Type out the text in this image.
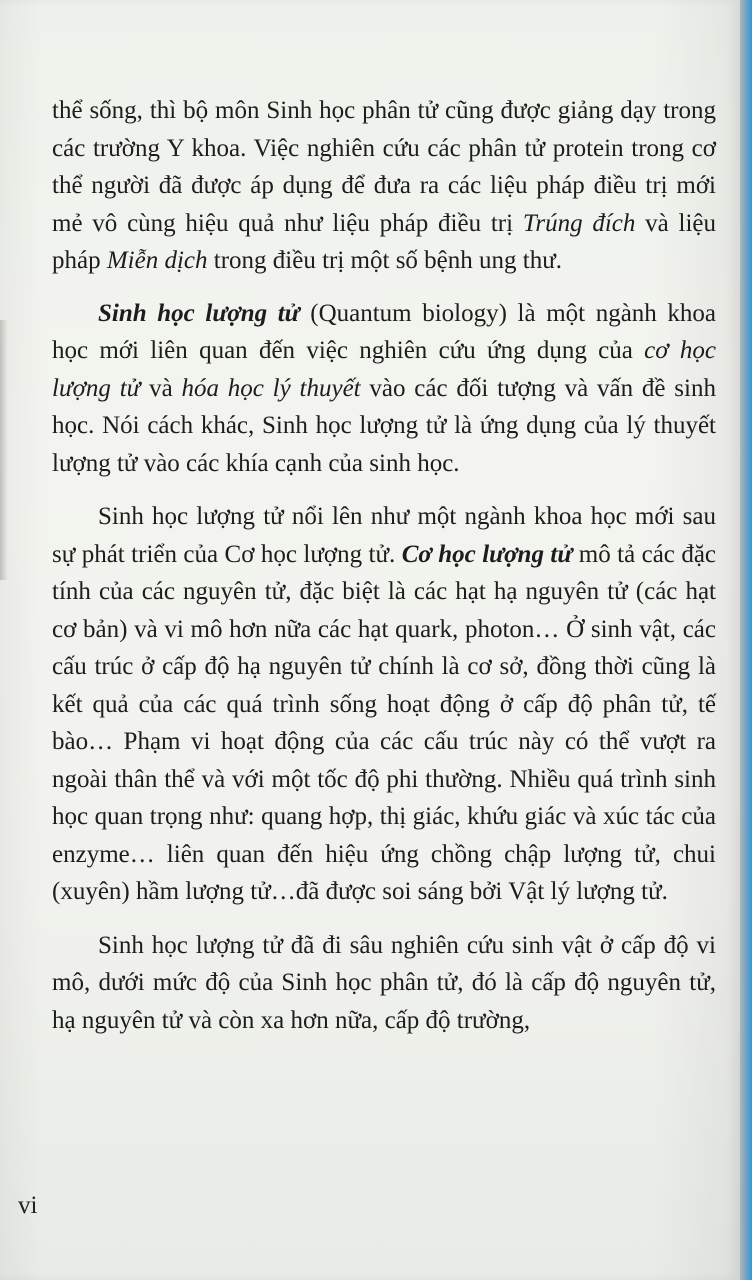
thể sống, thì bộ môn Sinh học phân tử cũng được giảng dạy trong các trường Y khoa. Việc nghiên cứu các phân tử protein trong cơ thể người đã được áp dụng để đưa ra các liệu pháp điều trị mới mẻ vô cùng hiệu quả như liệu pháp điều trị Trúng đích và liệu pháp Miễn dịch trong điều trị một số bệnh ung thư.

Sinh học lượng tử (Quantum biology) là một ngành khoa học mới liên quan đến việc nghiên cứu ứng dụng của cơ học lượng tử và hóa học lý thuyết vào các đối tượng và vấn đề sinh học. Nói cách khác, Sinh học lượng tử là ứng dụng của lý thuyết lượng tử vào các khía cạnh của sinh học.

Sinh học lượng tử nổi lên như một ngành khoa học mới sau sự phát triển của Cơ học lượng tử. Cơ học lượng tử mô tả các đặc tính của các nguyên tử, đặc biệt là các hạt hạ nguyên tử (các hạt cơ bản) và vi mô hơn nữa các hạt quark, photon… Ở sinh vật, các cấu trúc ở cấp độ hạ nguyên tử chính là cơ sở, đồng thời cũng là kết quả của các quá trình sống hoạt động ở cấp độ phân tử, tế bào… Phạm vi hoạt động của các cấu trúc này có thể vượt ra ngoài thân thể và với một tốc độ phi thường. Nhiều quá trình sinh học quan trọng như: quang hợp, thị giác, khứu giác và xúc tác của enzyme… liên quan đến hiệu ứng chồng chập lượng tử, chui (xuyên) hầm lượng tử…đã được soi sáng bởi Vật lý lượng tử.

Sinh học lượng tử đã đi sâu nghiên cứu sinh vật ở cấp độ vi mô, dưới mức độ của Sinh học phân tử, đó là cấp độ nguyên tử, hạ nguyên tử và còn xa hơn nữa, cấp độ trường,

vi
